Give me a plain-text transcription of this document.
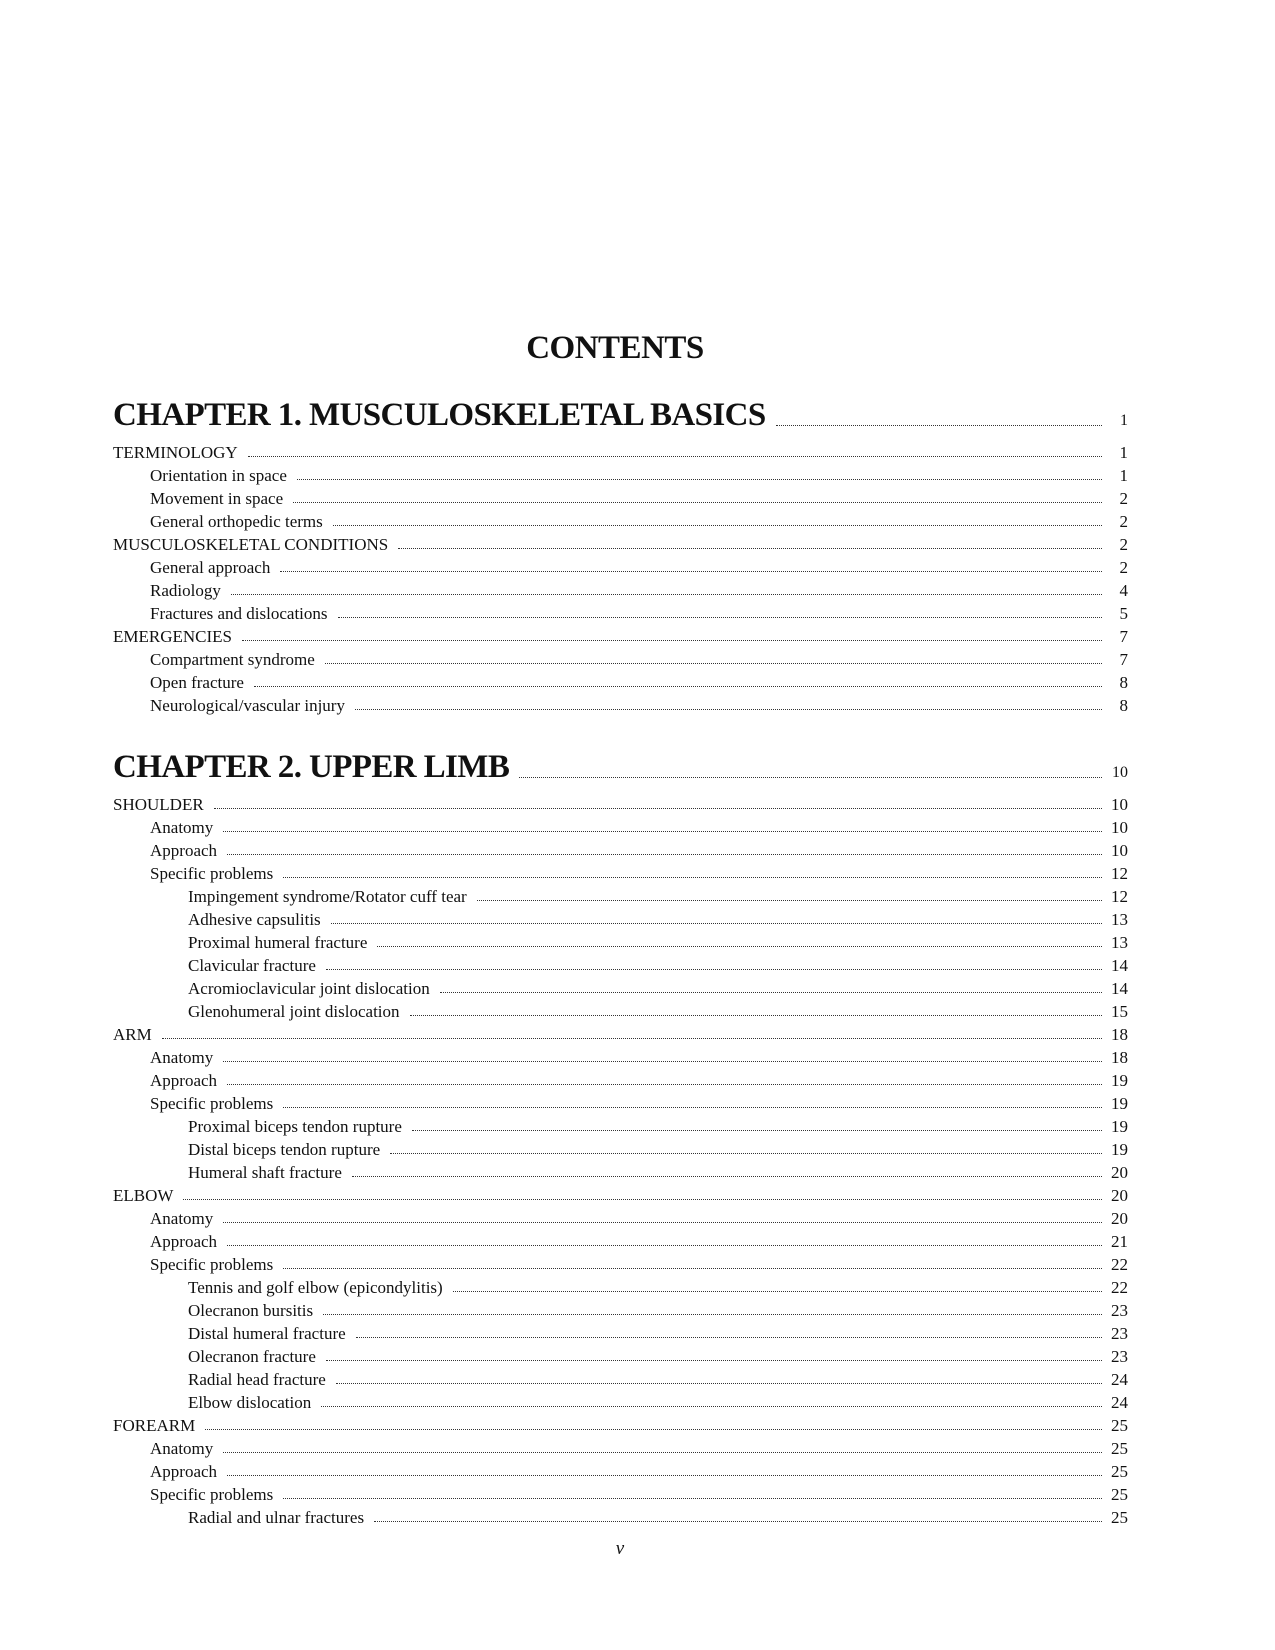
CONTENTS
CHAPTER 1. MUSCULOSKELETAL BASICS	1
TERMINOLOGY	1
Orientation in space	1
Movement in space	2
General orthopedic terms	2
MUSCULOSKELETAL CONDITIONS	2
General approach	2
Radiology	4
Fractures and dislocations	5
EMERGENCIES	7
Compartment syndrome	7
Open fracture	8
Neurological/vascular injury	8
CHAPTER 2. UPPER LIMB	10
SHOULDER	10
Anatomy	10
Approach	10
Specific problems	12
Impingement syndrome/Rotator cuff tear	12
Adhesive capsulitis	13
Proximal humeral fracture	13
Clavicular fracture	14
Acromioclavicular joint dislocation	14
Glenohumeral joint dislocation	15
ARM	18
Anatomy	18
Approach	19
Specific problems	19
Proximal biceps tendon rupture	19
Distal biceps tendon rupture	19
Humeral shaft fracture	20
ELBOW	20
Anatomy	20
Approach	21
Specific problems	22
Tennis and golf elbow (epicondylitis)	22
Olecranon bursitis	23
Distal humeral fracture	23
Olecranon fracture	23
Radial head fracture	24
Elbow dislocation	24
FOREARM	25
Anatomy	25
Approach	25
Specific problems	25
Radial and ulnar fractures	25
v
